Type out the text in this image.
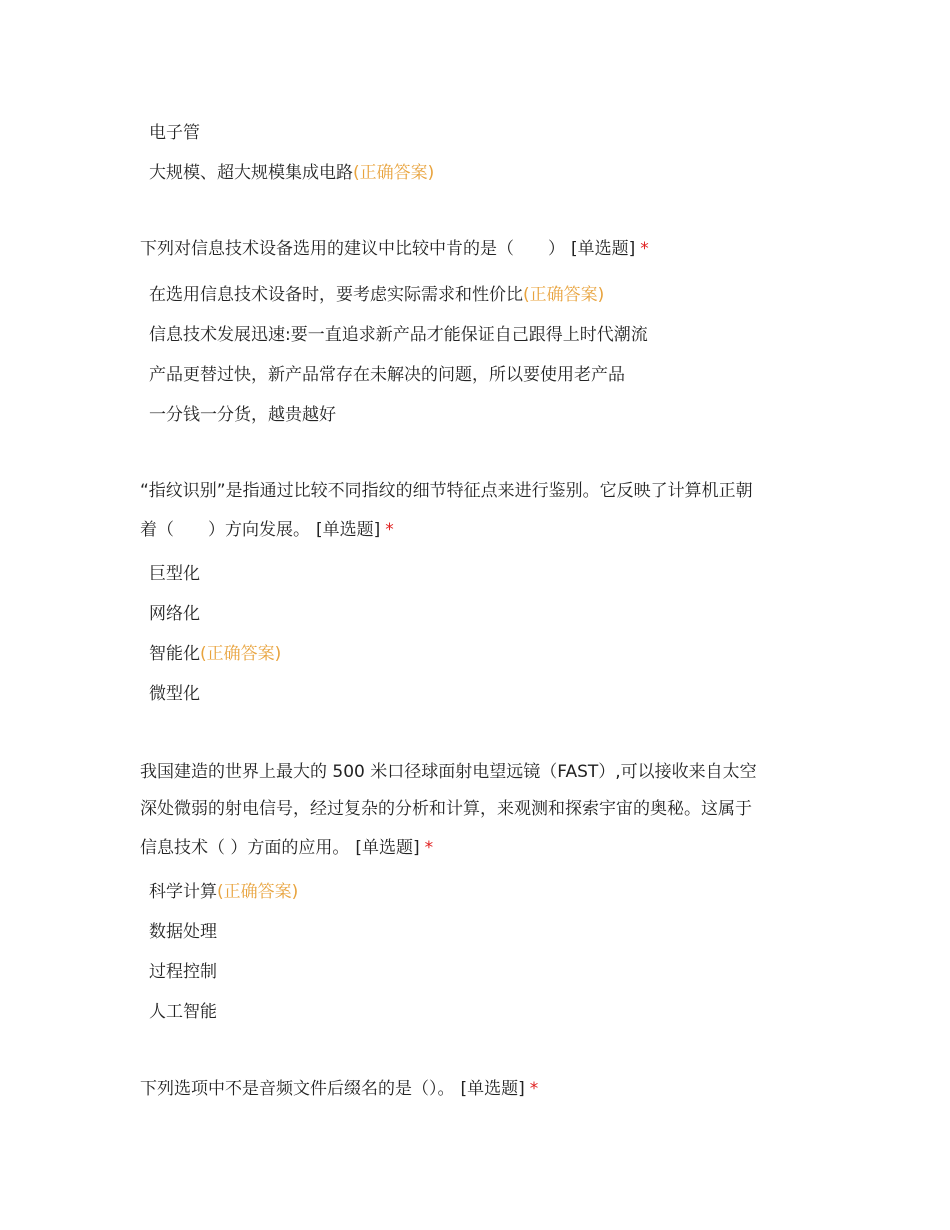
电子管
大规模、超大规模集成电路(正确答案)
下列对信息技术设备选用的建议中比较中肯的是（　　） [单选题] *
在选用信息技术设备时，要考虑实际需求和性价比(正确答案)
信息技术发展迅速:要一直追求新产品才能保证自己跟得上时代潮流
产品更替过快，新产品常存在未解决的问题，所以要使用老产品
一分钱一分货，越贵越好
“指纹识别”是指通过比较不同指纹的细节特征点来进行鉴别。它反映了计算机正朝
着（　　）方向发展。 [单选题] *
巨型化
网络化
智能化(正确答案)
微型化
我国建造的世界上最大的 500 米口径球面射电望远镜（FAST）,可以接收来自太空
深处微弱的射电信号，经过复杂的分析和计算，来观测和探索宇宙的奥秘。这属于
信息技术（ ）方面的应用。 [单选题] *
科学计算(正确答案)
数据处理
过程控制
人工智能
下列选项中不是音频文件后缀名的是（）。 [单选题] *
